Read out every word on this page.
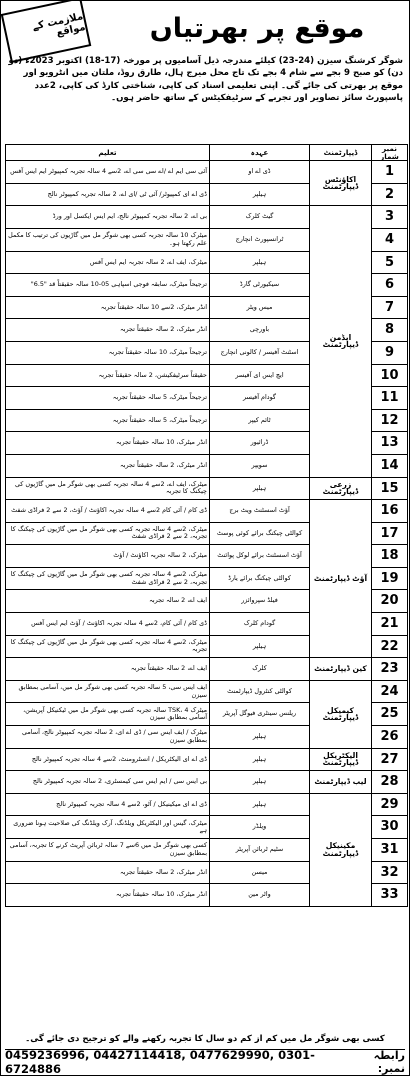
ملازمت کے مواقع	موقع پر بھرتیاں
شوگر کرشنگ سیزن (24-23) کیلئے مندرجہ ذیل آسامیوں پر مورخہ (17-18) اکتوبر 2023ء (دو دن) کو صبح 9 بجے سے شام 4 بجے تک تاج محل میرج ہال، طارق روڈ، ملتان میں انٹرویو اور موقع پر بھرتی کی جائے گی۔ اپنی تعلیمی اسناد کی کاپی، شناختی کارڈ کی کاپی، 2عدد پاسپورٹ سائز تصاویر اور تجربے کے سرٹیفکیٹس کے ساتھ حاضر ہوں۔
نمبر شمار	ڈیپارٹمنٹ	عہدہ	تعلیم
1	اکاؤنٹس ڈیپارٹمنٹ	ڈی اے او	آئی سی ایم اے /اے سی سی اے، 2سے 4 سالہ تجربہ کمپیوٹر ایم ایس آفس
2		ہیلپر	ڈی اے ای کمپیوٹر/ آئی ٹی /ای اے، 2 سالہ تجربہ کمپیوٹر نالج
3	ایڈمن ڈیپارٹمنٹ	گیٹ کلرک	بی اے، 2 سالہ تجربہ کمپیوٹر نالج، ایم ایس ایکسل اور ورڈ
4		ٹرانسپورٹ انچارج	میٹرک 10 سالہ تجربہ کسی بھی شوگر مل میں گاڑیوں کی ترتیب کا مکمل علم رکھتا ہو۔
5		ہیلپر	میٹرک، ایف اے، 2 سالہ تجربہ ایم ایس آفس
6		سیکیورٹی گارڈ	ترجیحاً میٹرک، سابقہ فوجی اسپاہی 05-10 سالہ حقیقتاً قد "6.5"
7		میس ویٹر	انڈر میٹرک، 2سے 10 سالہ حقیقتاً تجربہ
8		باورچی	انڈر میٹرک، 2 سالہ حقیقتاً تجربہ
9		اسٹنٹ آفیسر / کالونی انچارج	ترجیحاً میٹرک، 10 سالہ حقیقتاً تجربہ
10		ایچ ایس ای آفیسر	حقیقتاً سرٹیفکیشن، 2 سالہ حقیقتاً تجربہ
11		گودام آفیسر	ترجیحاً میٹرک، 5 سالہ حقیقتاً تجربہ
12		ٹائم کیپر	ترجیحاً میٹرک، 5 سالہ حقیقتاً تجربہ
13		ڈرائیور	انڈر میٹرک، 10 سالہ حقیقتاً تجربہ
14		سویپر	انڈر میٹرک، 2 سالہ حقیقتاً تجربہ
15	زرعی ڈیپارٹمنٹ	ہیلپر	میٹرک، ایف اے، 2سے 4 سالہ تجربہ کسی بھی شوگر مل میں گاڑیوں کی چیکنگ کا تجربہ
16	آؤٹ ڈیپارٹمنٹ	آؤٹ اسسٹنٹ ویٹ برج	ڈی کام / آئی کام 2سے 4 سالہ تجربہ اکاؤنٹ / آؤٹ، 2 سے 2 فراڈی شفٹ
17		کوالٹی چیکنگ برائے کوئی پوسٹ	میٹرک، 2سے 4 سالہ تجربہ کسی بھی شوگر مل میں گاڑیوں کی چیکنگ کا تجربہ، 2 سے 2 فراڈی شفٹ
18		آؤٹ اسسٹنٹ برائے لوکل پوائنٹ	میٹرک، 2 سالہ تجربہ اکاؤنٹ / آؤٹ
19		کوالٹی چیکنگ برائے یارڈ	میٹرک، 2سے 4 سالہ تجربہ کسی بھی شوگر مل میں گاڑیوں کی چیکنگ کا تجربہ، 2 سے 2 فراڈی شفٹ
20		فیلڈ سپروائزر	ایف اے، 2 سالہ تجربہ
21		گودام کلرک	ڈی کام / آئی کام، 2سے 4 سالہ تجربہ اکاؤنٹ / آؤٹ ایم ایس آفس
22		ہیلپر	میٹرک، 2سے 4 سالہ تجربہ کسی بھی شوگر مل میں گاڑیوں کی چیکنگ کا تجربہ
23	کین ڈیپارٹمنٹ	کلرک	ایف اے، 2 سالہ حقیقتاً تجربہ
24	کیمیکل ڈیپارٹمنٹ	کوالٹی کنٹرول ڈیپارٹمنٹ	ایف ایس سی، 5 سالہ تجربہ کسی بھی شوگر مل میں، آسامی بمطابق سیزن
25		ریلنس سینٹری فیوگل آپریٹر	میٹرک TSK، 4 سالہ تجربہ کسی بھی شوگر مل میں ٹیکنیکل آپریشن، آسامی بمطابق سیزن
26		ہیلپر	میٹرک / ایف ایس سی / ڈی اے ای، 2 سالہ تجربہ کمپیوٹر نالج، آسامی بمطابق سیزن
27	الیکٹریکل ڈیپارٹمنٹ	ہیلپر	ڈی اے ای الیکٹریکل / انسٹرومنٹ، 2سے 4 سالہ تجربہ کمپیوٹر نالج
28	لیب ڈیپارٹمنٹ	ہیلپر	بی ایس سی / ایم ایس سی کیمسٹری، 2 سالہ تجربہ کمپیوٹر نالج
29	مکینیکل ڈیپارٹمنٹ	ہیلپر	ڈی اے ای میکینیکل / آٹو، 2سے 4 سالہ تجربہ کمپیوٹر نالج
30		ویلڈر	میٹرک، گیس اور الیکٹریکل ویلڈنگ، آرک ویلڈنگ کی صلاحیت ہونا ضروری ہے
31		سٹیم ٹربائن آپریٹر	کسی بھی شوگر مل میں 6سے 7 سالہ ٹربائن آپریٹ کرنے کا تجربہ، آسامی بمطابق سیزن
32		میسن	انڈر میٹرک، 2 سالہ حقیقتاً تجربہ
33		واٹر مین	انڈر میٹرک، 10 سالہ حقیقتاً تجربہ
کسی بھی شوگر مل میں کم از کم دو سال کا تجربہ رکھنے والے کو ترجیح دی جائے گی۔
رابطہ نمبر:
0459236996, 04427114418, 0477629990, 0301-6724886
